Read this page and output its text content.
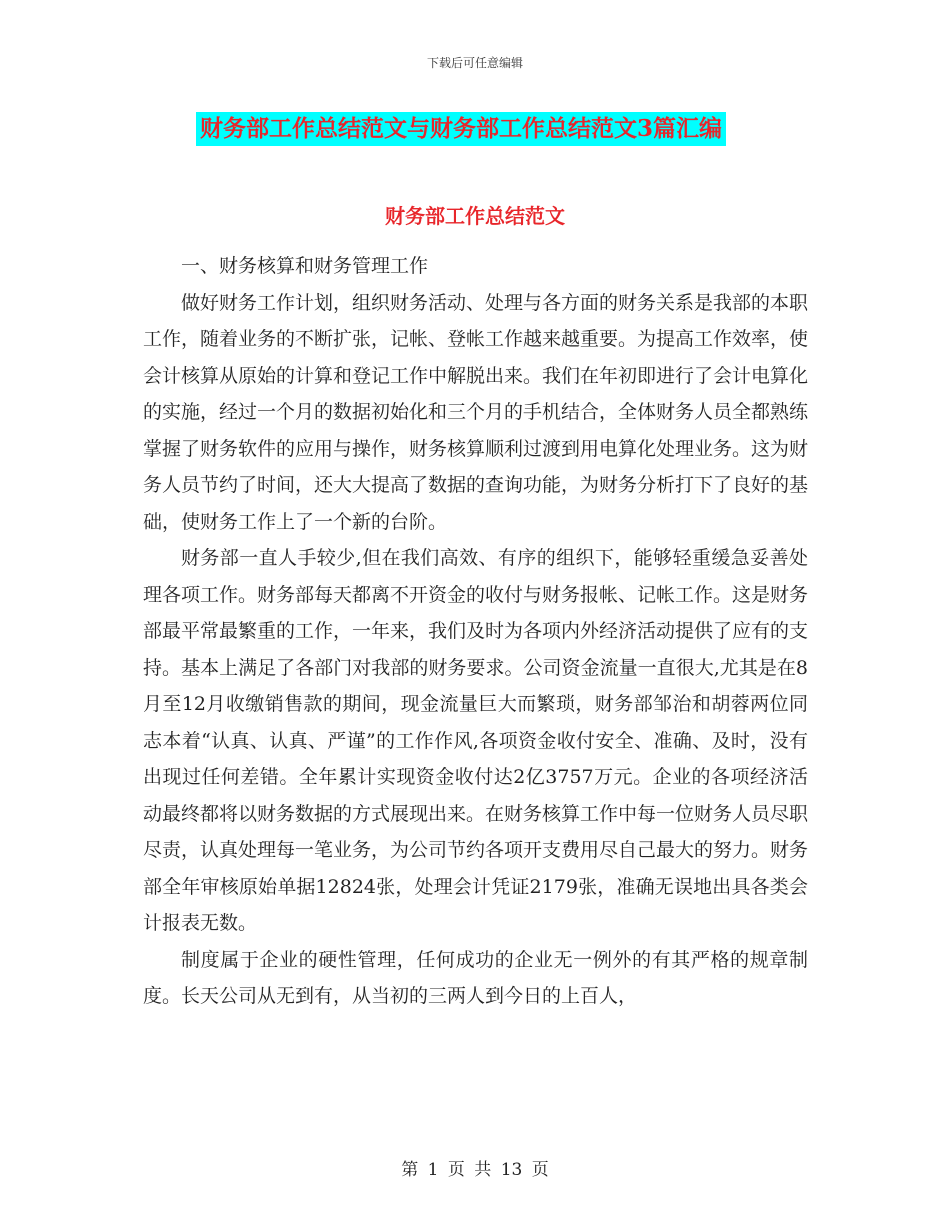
下载后可任意编辑
财务部工作总结范文与财务部工作总结范文3篇汇编
财务部工作总结范文

一、财务核算和财务管理工作

做好财务工作计划，组织财务活动、处理与各方面的财务关系是我部的本职工作，随着业务的不断扩张，记帐、登帐工作越来越重要。为提高工作效率，使会计核算从原始的计算和登记工作中解脱出来。我们在年初即进行了会计电算化的实施，经过一个月的数据初始化和三个月的手机结合，全体财务人员全都熟练掌握了财务软件的应用与操作，财务核算顺利过渡到用电算化处理业务。这为财务人员节约了时间，还大大提高了数据的查询功能，为财务分析打下了良好的基础，使财务工作上了一个新的台阶。

财务部一直人手较少,但在我们高效、有序的组织下，能够轻重缓急妥善处理各项工作。财务部每天都离不开资金的收付与财务报帐、记帐工作。这是财务部最平常最繁重的工作，一年来，我们及时为各项内外经济活动提供了应有的支持。基本上满足了各部门对我部的财务要求。公司资金流量一直很大,尤其是在8月至12月收缴销售款的期间，现金流量巨大而繁琐，财务部邹治和胡蓉两位同志本着“认真、认真、严谨”的工作作风,各项资金收付安全、准确、及时，没有出现过任何差错。全年累计实现资金收付达2亿3757万元。企业的各项经济活动最终都将以财务数据的方式展现出来。在财务核算工作中每一位财务人员尽职尽责，认真处理每一笔业务，为公司节约各项开支费用尽自己最大的努力。财务部全年审核原始单据12824张，处理会计凭证2179张，准确无误地出具各类会计报表无数。

制度属于企业的硬性管理，任何成功的企业无一例外的有其严格的规章制度。长天公司从无到有，从当初的三两人到今日的上百人，

第 1 页 共 13 页
